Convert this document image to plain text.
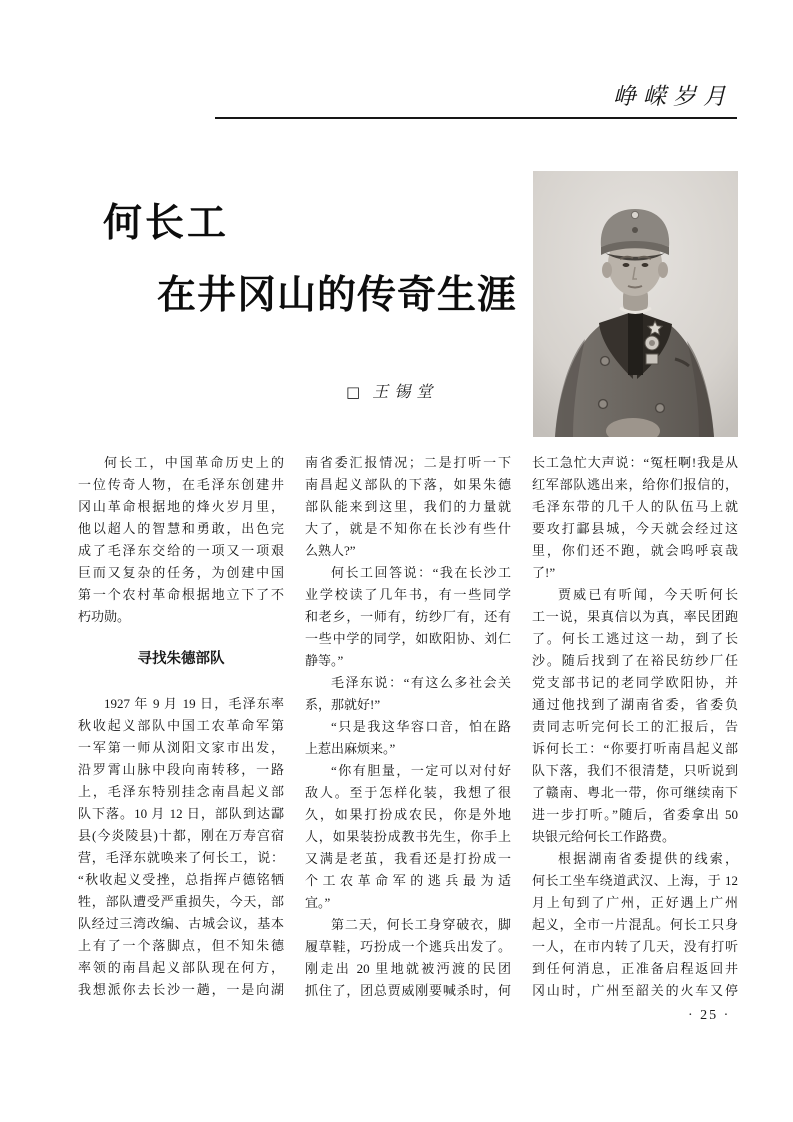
峥嵘岁月
何长工
在井冈山的传奇生涯
□ 王锡堂
何长工，中国革命历史上的
一位传奇人物，在毛泽东创建井
冈山革命根据地的烽火岁月里，
他以超人的智慧和勇敢，出色完
成了毛泽东交给的一项又一项艰
巨而又复杂的任务，为创建中国
第一个农村革命根据地立下了不
朽功勋。
寻找朱德部队
1927 年 9 月 19 日，毛泽东率
秋收起义部队中国工农革命军第
一军第一师从浏阳文家市出发，
沿罗霄山脉中段向南转移，一路
上，毛泽东特别挂念南昌起义部
队下落。10 月 12 日，部队到达酃
县(今炎陵县)十都，刚在万寿宫宿
营，毛泽东就唤来了何长工，说：
“秋收起义受挫，总指挥卢德铭牺
牲，部队遭受严重损失，今天，部
队经过三湾改编、古城会议，基本
上有了一个落脚点，但不知朱德
率领的南昌起义部队现在何方，
我想派你去长沙一趟，一是向湖
南省委汇报情况；二是打听一下
南昌起义部队的下落，如果朱德
部队能来到这里，我们的力量就
大了，就是不知你在长沙有些什
么熟人?”
何长工回答说：“我在长沙工
业学校读了几年书，有一些同学
和老乡，一师有，纺纱厂有，还有
一些中学的同学，如欧阳协、刘仁
静等。”
毛泽东说：“有这么多社会关
系，那就好!”
“只是我这华容口音，怕在路
上惹出麻烦来。”
“你有胆量，一定可以对付好
敌人。至于怎样化装，我想了很
久，如果打扮成农民，你是外地
人，如果装扮成教书先生，你手上
又满是老茧，我看还是打扮成一
个工农革命军的逃兵最为适
宜。”
第二天，何长工身穿破衣，脚
履草鞋，巧扮成一个逃兵出发了。
刚走出 20 里地就被沔渡的民团
抓住了，团总贾威刚要喊杀时，何
长工急忙大声说：“冤枉啊!我是从
红军部队逃出来，给你们报信的，
毛泽东带的几千人的队伍马上就
要攻打酃县城，今天就会经过这
里，你们还不跑，就会呜呼哀哉
了!”
贾威已有听闻，今天听何长
工一说，果真信以为真，率民团跑
了。何长工逃过这一劫，到了长
沙。随后找到了在裕民纺纱厂任
党支部书记的老同学欧阳协，并
通过他找到了湖南省委，省委负
责同志听完何长工的汇报后，告
诉何长工：“你要打听南昌起义部
队下落，我们不很清楚，只听说到
了赣南、粤北一带，你可继续南下
进一步打听。”随后，省委拿出 50
块银元给何长工作路费。
根据湖南省委提供的线索，
何长工坐车绕道武汉、上海，于 12
月上旬到了广州，正好遇上广州
起义，全市一片混乱。何长工只身
一人，在市内转了几天，没有打听
到任何消息，正准备启程返回井
冈山时，广州至韶关的火车又停
· 25 ·
